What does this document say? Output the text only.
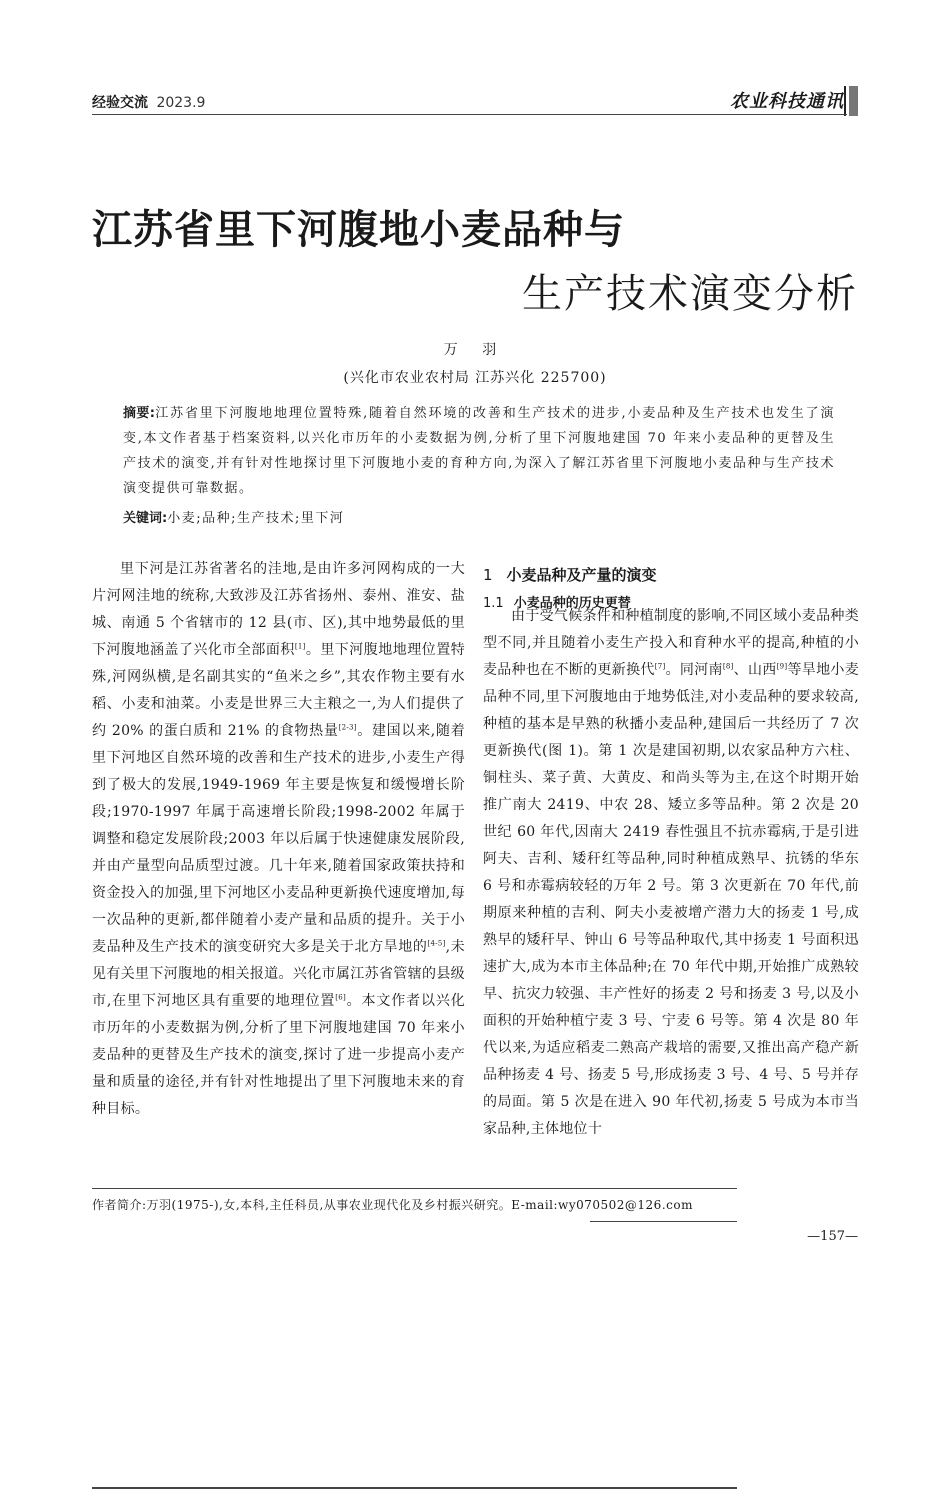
经验交流 2023.9	农业科技通讯
江苏省里下河腹地小麦品种与
生产技术演变分析
万 羽
(兴化市农业农村局 江苏兴化 225700)
摘要:江苏省里下河腹地地理位置特殊,随着自然环境的改善和生产技术的进步,小麦品种及生产技术也发生了演变,本文作者基于档案资料,以兴化市历年的小麦数据为例,分析了里下河腹地建国 70 年来小麦品种的更替及生产技术的演变,并有针对性地探讨里下河腹地小麦的育种方向,为深入了解江苏省里下河腹地小麦品种与生产技术演变提供可靠数据。
关键词:小麦;品种;生产技术;里下河

里下河是江苏省著名的洼地,是由许多河网构成的一大片河网洼地的统称,大致涉及江苏省扬州、泰州、淮安、盐城、南通 5 个省辖市的 12 县(市、区),其中地势最低的里下河腹地涵盖了兴化市全部面积[1]。里下河腹地地理位置特殊,河网纵横,是名副其实的“鱼米之乡”,其农作物主要有水稻、小麦和油菜。小麦是世界三大主粮之一,为人们提供了约 20% 的蛋白质和 21% 的食物热量[2-3]。建国以来,随着里下河地区自然环境的改善和生产技术的进步,小麦生产得到了极大的发展,1949-1969 年主要是恢复和缓慢增长阶段;1970-1997 年属于高速增长阶段;1998-2002 年属于调整和稳定发展阶段;2003 年以后属于快速健康发展阶段,并由产量型向品质型过渡。几十年来,随着国家政策扶持和资金投入的加强,里下河地区小麦品种更新换代速度增加,每一次品种的更新,都伴随着小麦产量和品质的提升。关于小麦品种及生产技术的演变研究大多是关于北方旱地的[4-5],未见有关里下河腹地的相关报道。兴化市属江苏省管辖的县级市,在里下河地区具有重要的地理位置[6]。本文作者以兴化市历年的小麦数据为例,分析了里下河腹地建国 70 年来小麦品种的更替及生产技术的演变,探讨了进一步提高小麦产量和质量的途径,并有针对性地提出了里下河腹地未来的育种目标。

1 小麦品种及产量的演变
1.1 小麦品种的历史更替

由于受气候条件和种植制度的影响,不同区域小麦品种类型不同,并且随着小麦生产投入和育种水平的提高,种植的小麦品种也在不断的更新换代[7]。同河南[8]、山西[9]等旱地小麦品种不同,里下河腹地由于地势低洼,对小麦品种的要求较高,种植的基本是早熟的秋播小麦品种,建国后一共经历了 7 次更新换代(图 1)。第 1 次是建国初期,以农家品种方六柱、铜柱头、菜子黄、大黄皮、和尚头等为主,在这个时期开始推广南大 2419、中农 28、矮立多等品种。第 2 次是 20 世纪 60 年代,因南大 2419 春性强且不抗赤霉病,于是引进阿夫、吉利、矮秆红等品种,同时种植成熟早、抗锈的华东 6 号和赤霉病较轻的万年 2 号。第 3 次更新在 70 年代,前期原来种植的吉利、阿夫小麦被增产潜力大的扬麦 1 号,成熟早的矮秆早、钟山 6 号等品种取代,其中扬麦 1 号面积迅速扩大,成为本市主体品种;在 70 年代中期,开始推广成熟较早、抗灾力较强、丰产性好的扬麦 2 号和扬麦 3 号,以及小面积的开始种植宁麦 3 号、宁麦 6 号等。第 4 次是 80 年代以来,为适应稻麦二熟高产栽培的需要,又推出高产稳产新品种扬麦 4 号、扬麦 5 号,形成扬麦 3 号、4 号、5 号并存的局面。第 5 次是在进入 90 年代初,扬麦 5 号成为本市当家品种,主体地位十

作者简介:万羽(1975-),女,本科,主任科员,从事农业现代化及乡村振兴研究。E-mail:wy070502@126.com
—157—
